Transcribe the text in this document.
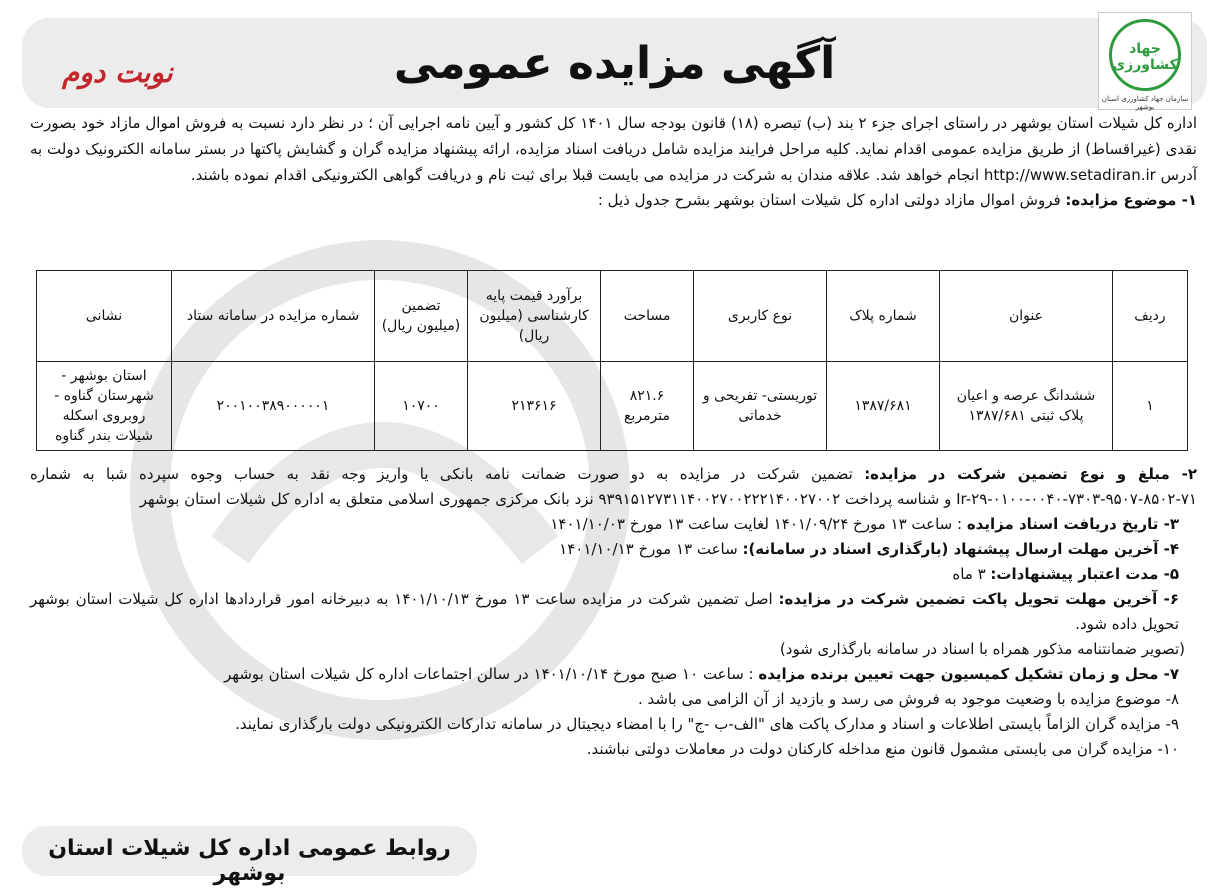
آگهی مزایده عمومی
نوبت دوم
جهاد کشاورزی
سازمان جهاد کشاورزی استان بوشهر

اداره کل شیلات استان بوشهر در راستای اجرای جزء ۲ بند (ب) تبصره (۱۸) قانون بودجه سال ۱۴۰۱ کل کشور و آیین نامه اجرایی آن ؛ در نظر دارد نسبت به فروش اموال مازاد خود بصورت نقدی (غیراقساط) از طریق مزایده عمومی اقدام نماید. کلیه مراحل فرایند مزایده شامل دریافت اسناد مزایده، ارائه پیشنهاد مزایده گران و گشایش پاکتها در بستر سامانه الکترونیک دولت به آدرس http://www.setadiran.ir انجام خواهد شد. علاقه مندان به شرکت در مزایده می بایست قبلا برای ثبت نام و دریافت گواهی الکترونیکی اقدام نموده باشند.

۱- موضوع مزایده: فروش اموال مازاد دولتی اداره کل شیلات استان بوشهر بشرح جدول ذیل :

ردیف	عنوان	شماره پلاک	نوع کاربری	مساحت	برآورد قیمت پایه کارشناسی (میلیون ریال)	تضمین (میلیون ریال)	شماره مزایده در سامانه ستاد	نشانی
۱	ششدانگ عرصه و اعیان پلاک ثبتی ۱۳۸۷/۶۸۱	۱۳۸۷/۶۸۱	توریستی- تفریحی و خدماتی	۸۲۱.۶ مترمربع	۲۱۳۶۱۶	۱۰۷۰۰	۲۰۰۱۰۰۳۸۹۰۰۰۰۰۱	استان بوشهر - شهرستان گناوه - روبروی اسکله شیلات بندر گناوه

۲- مبلغ و نوع تضمین شرکت در مزایده: تضمین شرکت در مزایده به دو صورت ضمانت نامه بانکی یا واریز وجه نقد به حساب وجوه سپرده شبا به شماره Ir-۲۹-۰۱۰۰-۰۰۴۰-۷۳۰۳-۹۵۰۷-۸۵۰۲-۷۱ و شناسه پرداخت ۹۳۹۱۵۱۲۷۳۱۱۴۰۰۲۷۰۰۲۲۲۱۴۰۰۲۷۰۰۲ نزد بانک مرکزی جمهوری اسلامی متعلق به اداره کل شیلات استان بوشهر

۳- تاریخ دریافت اسناد مزایده : ساعت ۱۳ مورخ ۱۴۰۱/۰۹/۲۴ لغایت ساعت ۱۳ مورخ ۱۴۰۱/۱۰/۰۳

۴- آخرین مهلت ارسال پیشنهاد (بارگذاری اسناد در سامانه): ساعت ۱۳ مورخ ۱۴۰۱/۱۰/۱۳

۵- مدت اعتبار پیشنهادات: ۳ ماه

۶- آخرین مهلت تحویل پاکت تضمین شرکت در مزایده: اصل تضمین شرکت در مزایده ساعت ۱۳ مورخ ۱۴۰۱/۱۰/۱۳ به دبیرخانه امور قراردادها اداره کل شیلات استان بوشهر تحویل داده شود.

(تصویر ضمانتنامه مذکور همراه با اسناد در سامانه بارگذاری شود)

۷- محل و زمان تشکیل کمیسیون جهت تعیین برنده مزایده : ساعت ۱۰ صبح مورخ ۱۴۰۱/۱۰/۱۴ در سالن اجتماعات اداره کل شیلات استان بوشهر

۸- موضوع مزایده با وضعیت موجود به فروش می رسد و بازدید از آن الزامی می باشد .

۹- مزایده گران الزاماً بایستی اطلاعات و اسناد و مدارک پاکت های "الف-ب -ج" را با امضاء دیجیتال در سامانه تدارکات الکترونیکی دولت بارگذاری نمایند.

۱۰- مزایده گران می بایستی مشمول قانون منع مداخله کارکنان دولت در معاملات دولتی نباشند.

روابط عمومی اداره کل شیلات استان بوشهر
